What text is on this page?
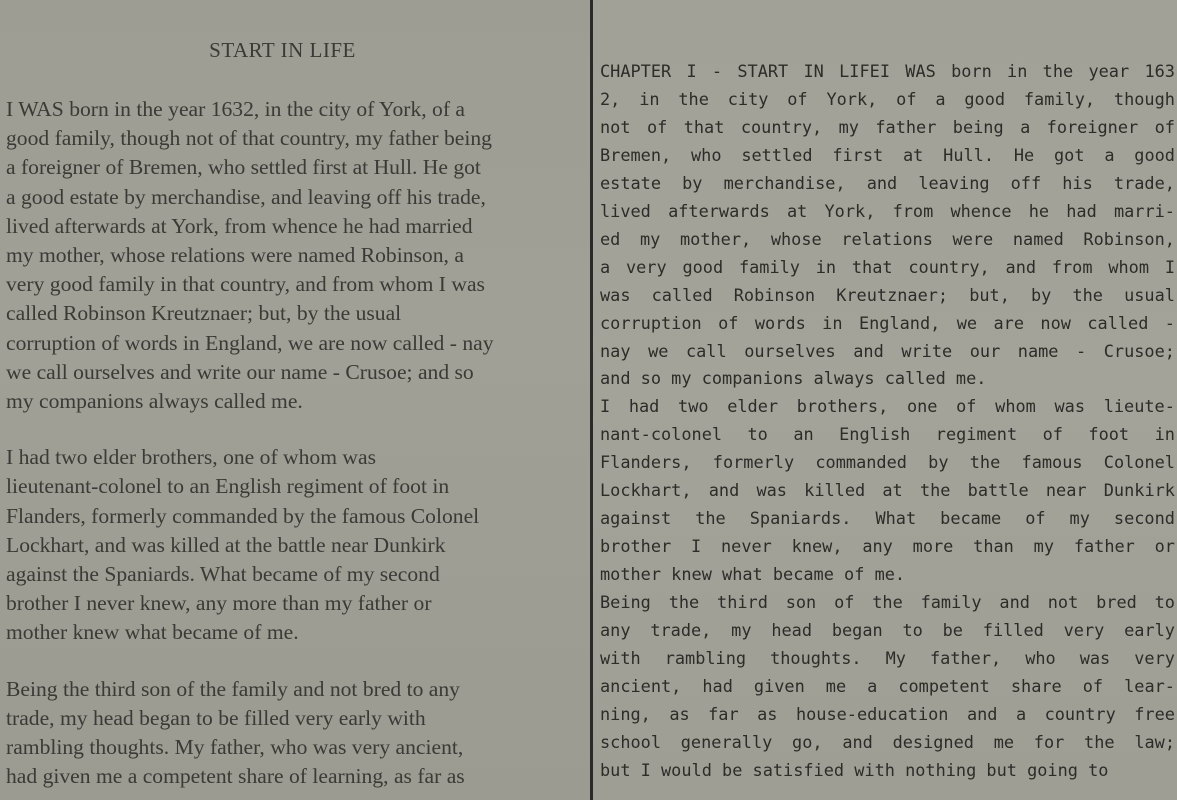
START IN LIFE

I WAS born in the year 1632, in the city of York, of a
good family, though not of that country, my father being
a foreigner of Bremen, who settled first at Hull. He got
a good estate by merchandise, and leaving off his trade,
lived afterwards at York, from whence he had married
my mother, whose relations were named Robinson, a
very good family in that country, and from whom I was
called Robinson Kreutznaer; but, by the usual
corruption of words in England, we are now called - nay
we call ourselves and write our name - Crusoe; and so
my companions always called me.

I had two elder brothers, one of whom was
lieutenant-colonel to an English regiment of foot in
Flanders, formerly commanded by the famous Colonel
Lockhart, and was killed at the battle near Dunkirk
against the Spaniards. What became of my second
brother I never knew, any more than my father or
mother knew what became of me.

Being the third son of the family and not bred to any
trade, my head began to be filled very early with
rambling thoughts. My father, who was very ancient,
had given me a competent share of learning, as far as

CHAPTER I - START IN LIFEI WAS born in the year 163
2, in the city of York, of a good family, though
not of that country, my father being a foreigner of
Bremen, who settled first at Hull. He got a good
estate by merchandise, and leaving off his trade,
lived afterwards at York, from whence he had marri-
ed my mother, whose relations were named Robinson,
a very good family in that country, and from whom I
was called Robinson Kreutznaer; but, by the usual
corruption of words in England, we are now called -
nay we call ourselves and write our name - Crusoe;
and so my companions always called me.
I had two elder brothers, one of whom was lieute-
nant-colonel to an English regiment of foot in
Flanders, formerly commanded by the famous Colonel
Lockhart, and was killed at the battle near Dunkirk
against the Spaniards. What became of my second
brother I never knew, any more than my father or
mother knew what became of me.
Being the third son of the family and not bred to
any trade, my head began to be filled very early
with rambling thoughts. My father, who was very
ancient, had given me a competent share of lear-
ning, as far as house-education and a country free
school generally go, and designed me for the law;
but I would be satisfied with nothing but going to
